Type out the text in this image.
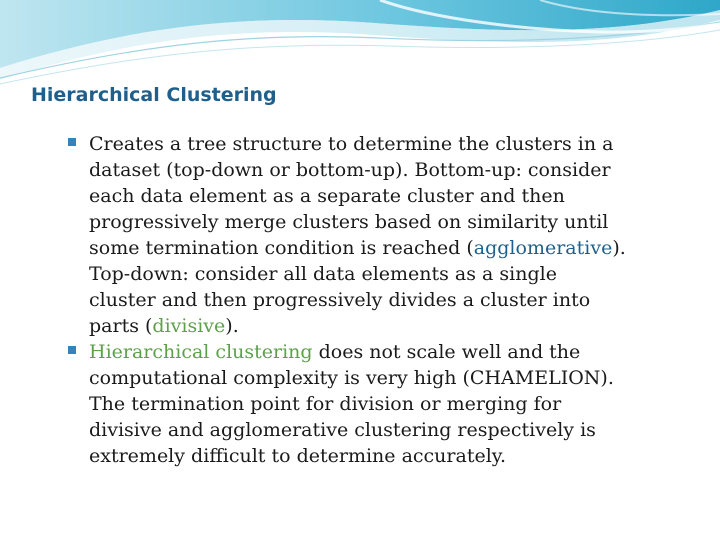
Hierarchical Clustering
Creates a tree structure to determine the clusters in a
dataset (top-down or bottom-up). Bottom-up: consider
each data element as a separate cluster and then
progressively merge clusters based on similarity until
some termination condition is reached (agglomerative).
Top-down: consider all data elements as a single
cluster and then progressively divides a cluster into
parts (divisive).
Hierarchical clustering does not scale well and the
computational complexity is very high (CHAMELION).
The termination point for division or merging for
divisive and agglomerative clustering respectively is
extremely difficult to determine accurately.
